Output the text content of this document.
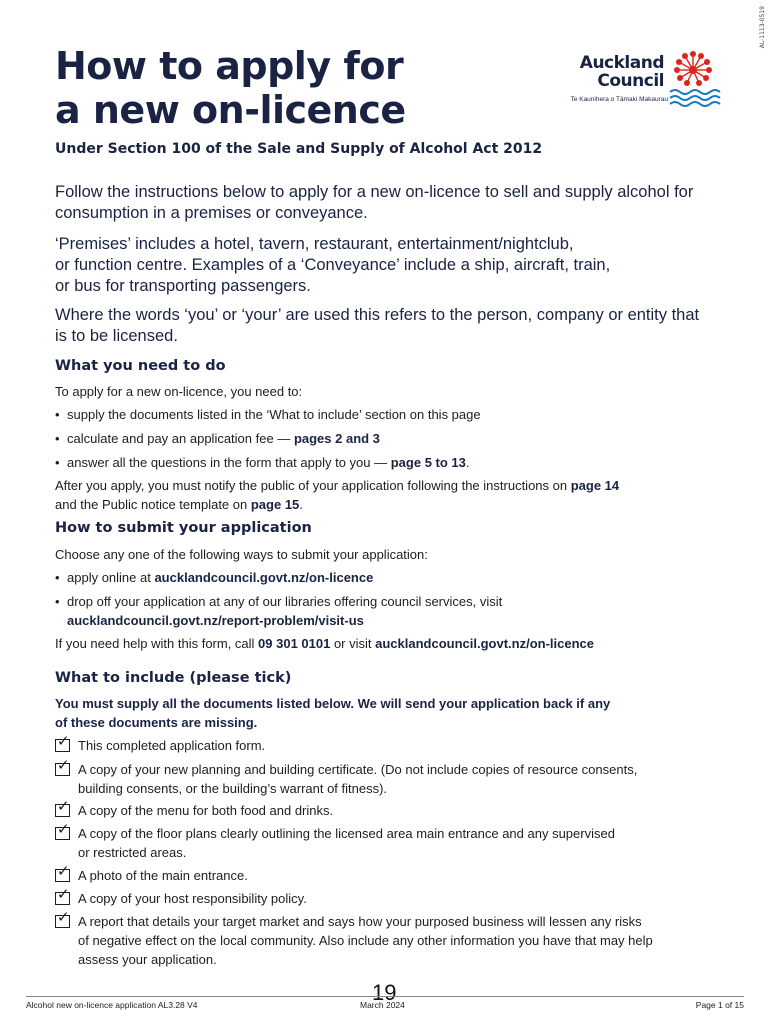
AL-1113-0519
How to apply for
a new on-licence
Auckland
Council
Te Kaunihera o Tāmaki Makaurau
Under Section 100 of the Sale and Supply of Alcohol Act 2012

Follow the instructions below to apply for a new on-licence to sell and supply alcohol for consumption in a premises or conveyance.

‘Premises’ includes a hotel, tavern, restaurant, entertainment/nightclub,
or function centre. Examples of a ‘Conveyance’ include a ship, aircraft, train,
or bus for transporting passengers.

Where the words ‘you’ or ‘your’ are used this refers to the person, company or entity that is to be licensed.

What you need to do

To apply for a new on-licence, you need to:

• supply the documents listed in the ‘What to include’ section on this page
• calculate and pay an application fee — pages 2 and 3
• answer all the questions in the form that apply to you — page 5 to 13.
After you apply, you must notify the public of your application following the instructions on page 14
and the Public notice template on page 15.
How to submit your application

Choose any one of the following ways to submit your application:

• apply online at aucklandcouncil.govt.nz/on-licence
• drop off your application at any of our libraries offering council services, visit
aucklandcouncil.govt.nz/report-problem/visit-us
If you need help with this form, call 09 301 0101 or visit aucklandcouncil.govt.nz/on-licence
What to include (please tick)
You must supply all the documents listed below. We will send your application back if any
of these documents are missing.
✓ This completed application form.
✓ A copy of your new planning and building certificate. (Do not include copies of resource consents,
building consents, or the building’s warrant of fitness).
✓ A copy of the menu for both food and drinks.
✓ A copy of the floor plans clearly outlining the licensed area main entrance and any supervised
or restricted areas.
✓ A photo of the main entrance.
✓ A copy of your host responsibility policy.
✓ A report that details your target market and says how your purposed business will lessen any risks
of negative effect on the local community. Also include any other information you have that may help
assess your application.
19
Alcohol new on-licence application AL3.28 V4	March 2024	Page 1 of 15
